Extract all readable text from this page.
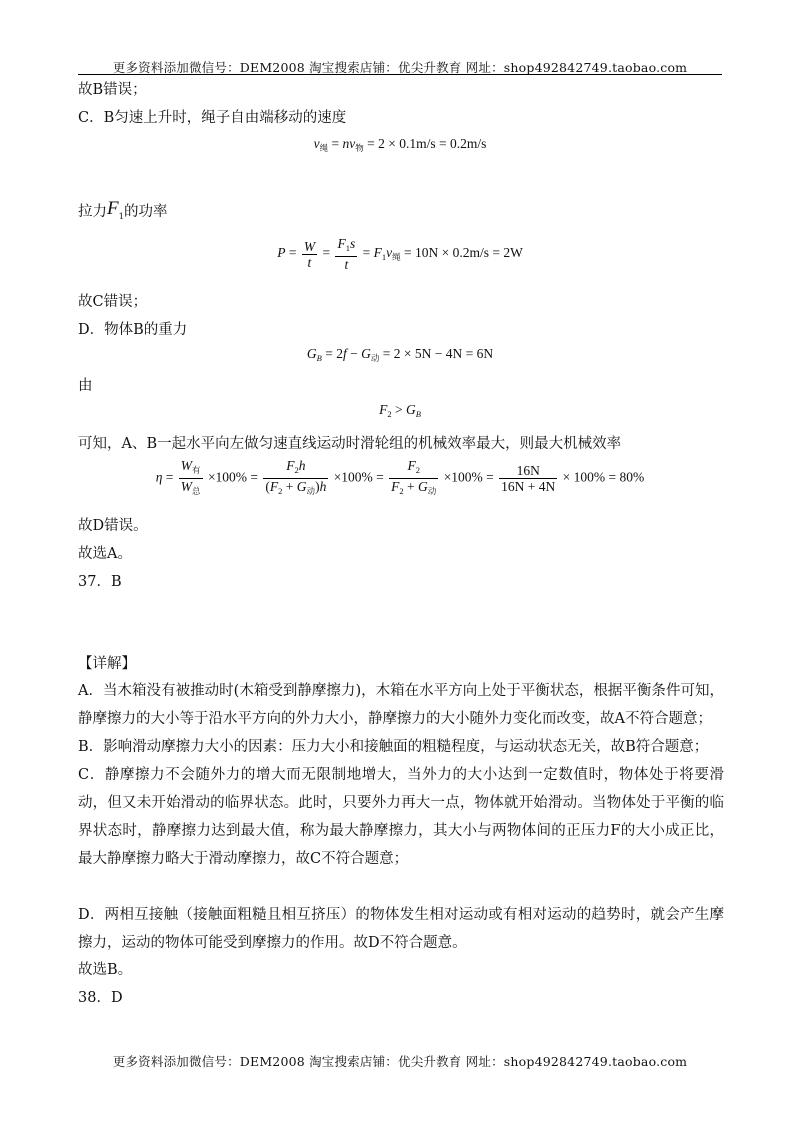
更多资料添加微信号：DEM2008 淘宝搜索店铺：优尖升教育 网址：shop492842749.taobao.com
故B错误；
C．B匀速上升时，绳子自由端移动的速度
$v_绳 = nv_物 = 2 \times 0.1m/s = 0.2m/s$
拉力$F_1$的功率
$P = \frac{W}{t} = \frac{F_1s}{t} = F_1v_绳 = 10N \times 0.2m/s = 2W$
故C错误；
D．物体B的重力
$G_B = 2f - G_动 = 2 \times 5N - 4N = 6N$
由
$F_2 > G_B$
可知，A、B一起水平向左做匀速直线运动时滑轮组的机械效率最大，则最大机械效率
$\eta = \frac{W_有}{W_总} \times 100\% = \frac{F_2h}{(F_2 + G_动)h} \times 100\% = \frac{F_2}{F_2 + G_动} \times 100\% = \frac{16N}{16N + 4N} \times 100\% = 80\%$
故D错误。
故选A。
37．B
【详解】
A．当木箱没有被推动时(木箱受到静摩擦力)，木箱在水平方向上处于平衡状态，根据平衡条件可知，静摩擦力的大小等于沿水平方向的外力大小，静摩擦力的大小随外力变化而改变，故A不符合题意；
B．影响滑动摩擦力大小的因素：压力大小和接触面的粗糙程度，与运动状态无关，故B符合题意；
C．静摩擦力不会随外力的增大而无限制地增大，当外力的大小达到一定数值时，物体处于将要滑动，但又未开始滑动的临界状态。此时，只要外力再大一点，物体就开始滑动。当物体处于平衡的临界状态时，静摩擦力达到最大值，称为最大静摩擦力，其大小与两物体间的正压力F的大小成正比，最大静摩擦力略大于滑动摩擦力，故C不符合题意；
D．两相互接触（接触面粗糙且相互挤压）的物体发生相对运动或有相对运动的趋势时，就会产生摩擦力，运动的物体可能受到摩擦力的作用。故D不符合题意。
故选B。
38．D
更多资料添加微信号：DEM2008 淘宝搜索店铺：优尖升教育 网址：shop492842749.taobao.com
